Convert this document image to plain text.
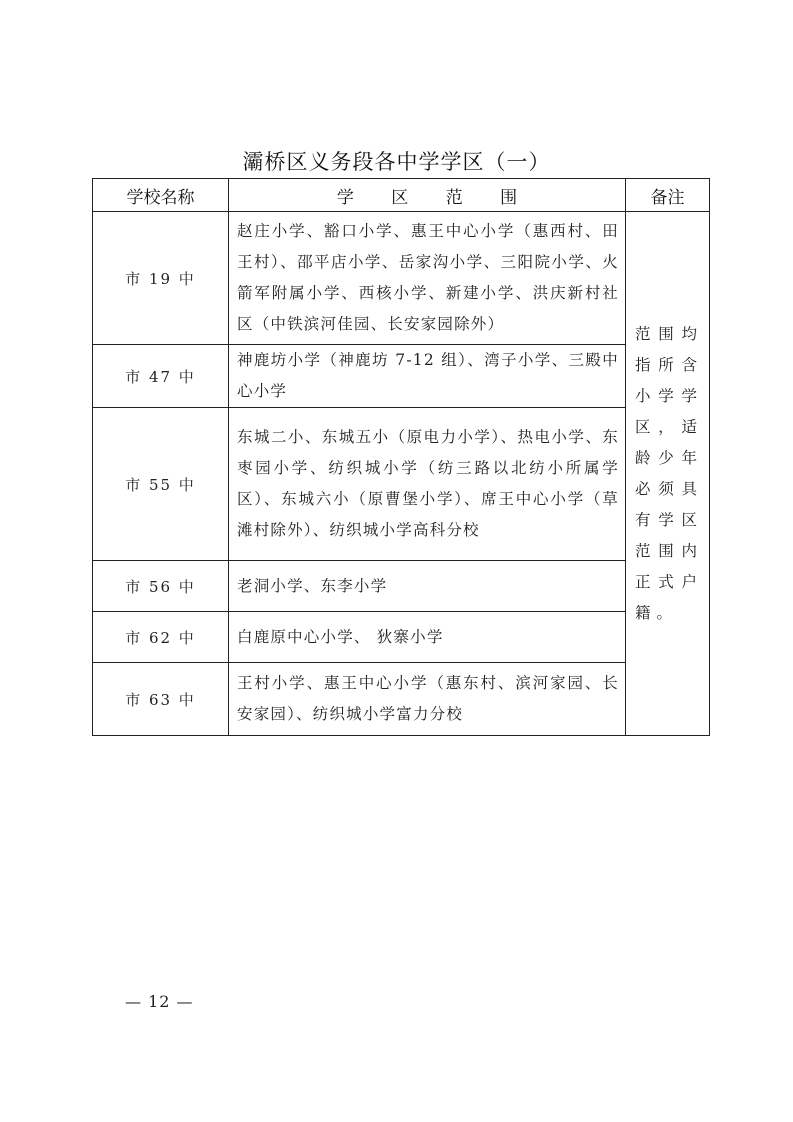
灞桥区义务段各中学学区（一）
学校名称	学 区 范 围	备注
市 19 中	赵庄小学、豁口小学、惠王中心小学（惠西村、田王村）、邵平店小学、岳家沟小学、三阳院小学、火箭军附属小学、西核小学、新建小学、洪庆新村社区（中铁滨河佳园、长安家园除外）	范围均指所含小学学区，适龄少年必须具有学区范围内正式户籍。
市 47 中	神鹿坊小学（神鹿坊 7-12 组）、湾子小学、三殿中心小学	
市 55 中	东城二小、东城五小（原电力小学）、热电小学、东枣园小学、纺织城小学（纺三路以北纺小所属学区）、东城六小（原曹堡小学）、席王中心小学（草滩村除外）、纺织城小学高科分校	
市 56 中	老洞小学、东李小学	
市 62 中	白鹿原中心小学、 狄寨小学	
市 63 中	王村小学、惠王中心小学（惠东村、滨河家园、长安家园）、纺织城小学富力分校	
— 12 —
